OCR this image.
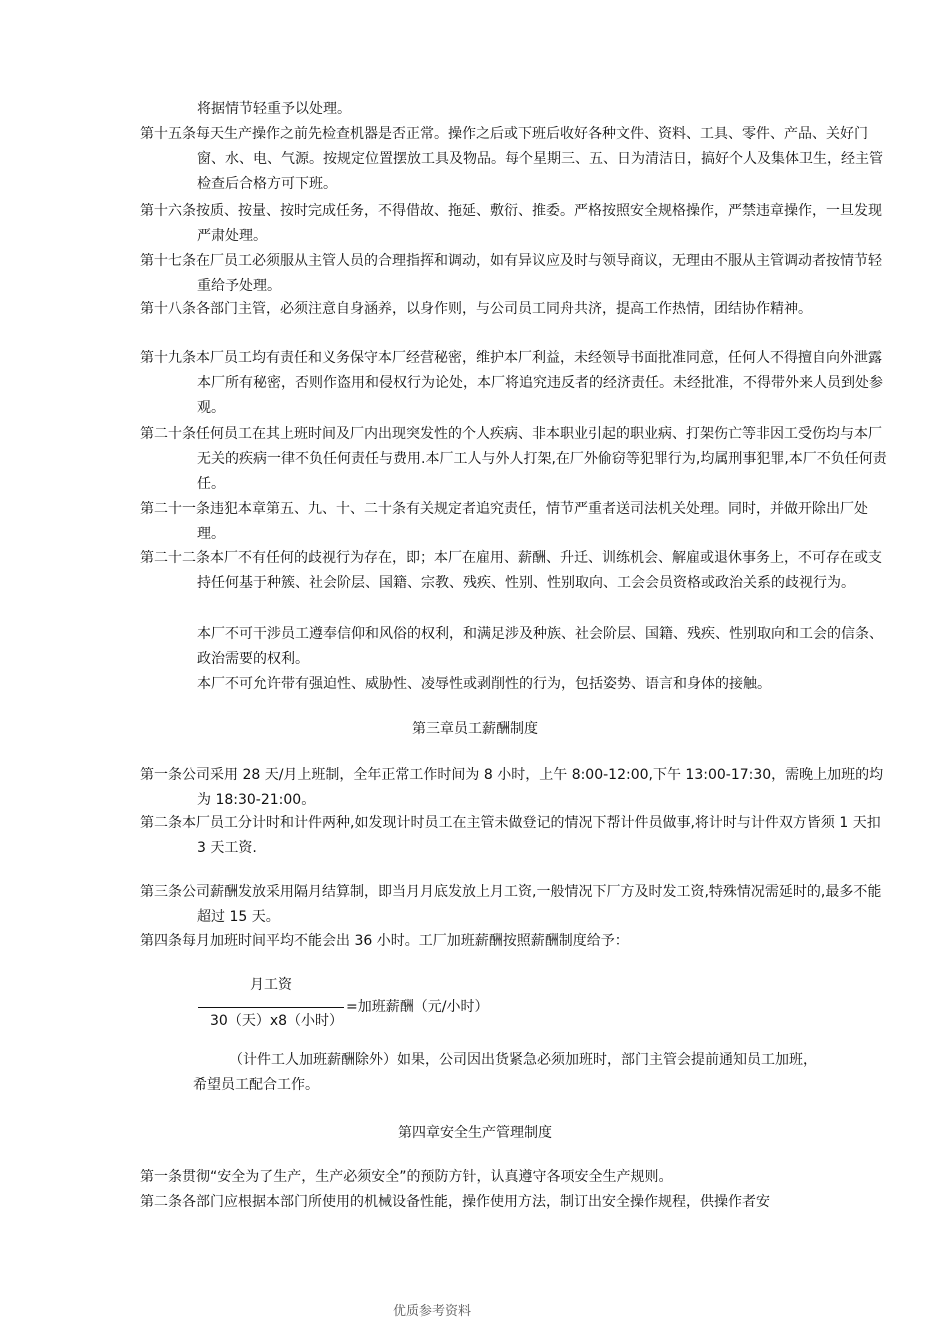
将据情节轻重予以处理。

第十五条每天生产操作之前先检查机器是否正常。操作之后或下班后收好各种文件、资料、工具、零件、产品、关好门窗、水、电、气源。按规定位置摆放工具及物品。每个星期三、五、日为清洁日，搞好个人及集体卫生，经主管检查后合格方可下班。

第十六条按质、按量、按时完成任务，不得借故、拖延、敷衍、推委。严格按照安全规格操作，严禁违章操作，一旦发现严肃处理。

第十七条在厂员工必须服从主管人员的合理指挥和调动，如有异议应及时与领导商议，无理由不服从主管调动者按情节轻重给予处理。

第十八条各部门主管，必须注意自身涵养，以身作则，与公司员工同舟共济，提高工作热情，团结协作精神。

第十九条本厂员工均有责任和义务保守本厂经营秘密，维护本厂利益，未经领导书面批准同意，任何人不得擅自向外泄露本厂所有秘密，否则作盗用和侵权行为论处，本厂将追究违反者的经济责任。未经批准，不得带外来人员到处参观。

第二十条任何员工在其上班时间及厂内出现突发性的个人疾病、非本职业引起的职业病、打架伤亡等非因工受伤均与本厂无关的疾病一律不负任何责任与费用.本厂工人与外人打架,在厂外偷窃等犯罪行为,均属刑事犯罪,本厂不负任何责任。

第二十一条违犯本章第五、九、十、二十条有关规定者追究责任，情节严重者送司法机关处理。同时，并做开除出厂处理。

第二十二条本厂不有任何的歧视行为存在，即；本厂在雇用、薪酬、升迁、训练机会、解雇或退休事务上，不可存在或支持任何基于种簇、社会阶层、国籍、宗教、残疾、性别、性别取向、工会会员资格或政治关系的歧视行为。

本厂不可干涉员工遵奉信仰和风俗的权利，和满足涉及种族、社会阶层、国籍、残疾、性别取向和工会的信条、政治需要的权利。

本厂不可允许带有强迫性、威胁性、凌辱性或剥削性的行为，包括姿势、语言和身体的接触。

第三章员工薪酬制度

第一条公司采用 28 天/月上班制，全年正常工作时间为 8 小时，上午 8:00-12:00,下午 13:00-17:30，需晚上加班的均为 18:30-21:00。

第二条本厂员工分计时和计件两种,如发现计时员工在主管未做登记的情况下帮计件员做事,将计时与计件双方皆须 1 天扣 3 天工资.

第三条公司薪酬发放采用隔月结算制，即当月月底发放上月工资,一般情况下厂方及时发工资,特殊情况需延时的,最多不能超过 15 天。

第四条每月加班时间平均不能会出 36 小时。工厂加班薪酬按照薪酬制度给予：

月工资
=加班薪酬（元/小时）
30（天）x8（小时）

（计件工人加班薪酬除外）如果，公司因出货紧急必须加班时，部门主管会提前通知员工加班，希望员工配合工作。

第四章安全生产管理制度

第一条贯彻“安全为了生产，生产必须安全”的预防方针，认真遵守各项安全生产规则。

第二条各部门应根据本部门所使用的机械设备性能，操作使用方法，制订出安全操作规程，供操作者安

优质参考资料
